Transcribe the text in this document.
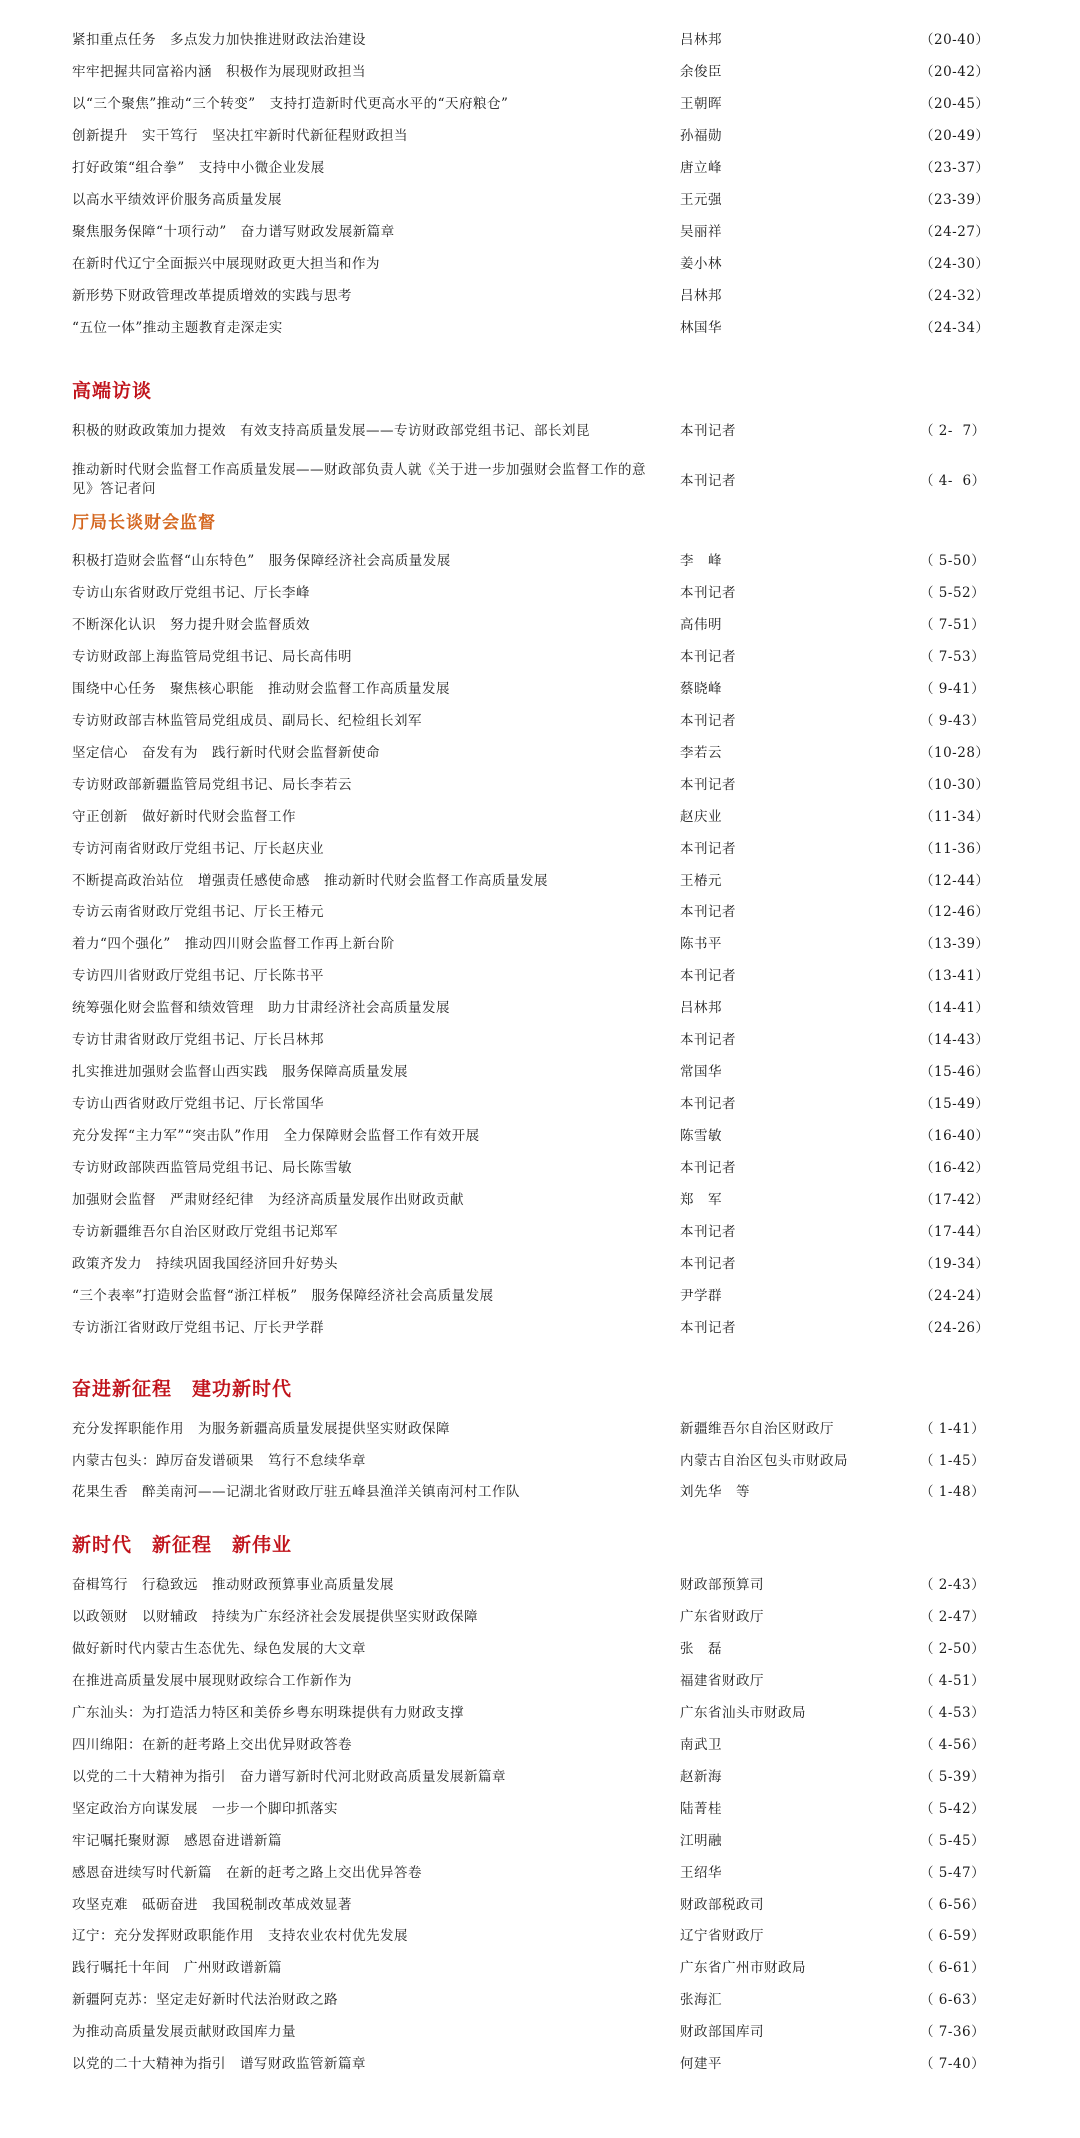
紧扣重点任务　多点发力加快推进财政法治建设	吕林邦	（20-40）
牢牢把握共同富裕内涵　积极作为展现财政担当	余俊臣	（20-42）
以“三个聚焦”推动“三个转变”　支持打造新时代更高水平的“天府粮仓”	王朝晖	（20-45）
创新提升　实干笃行　坚决扛牢新时代新征程财政担当	孙福勋	（20-49）
打好政策“组合拳”　支持中小微企业发展	唐立峰	（23-37）
以高水平绩效评价服务高质量发展	王元强	（23-39）
聚焦服务保障“十项行动”　奋力谱写财政发展新篇章	吴丽祥	（24-27）
在新时代辽宁全面振兴中展现财政更大担当和作为	姜小林	（24-30）
新形势下财政管理改革提质增效的实践与思考	吕林邦	（24-32）
“五位一体”推动主题教育走深走实	林国华	（24-34）
高端访谈
积极的财政政策加力提效　有效支持高质量发展——专访财政部党组书记、部长刘昆	本刊记者	（ 2-  7）
推动新时代财会监督工作高质量发展——财政部负责人就《关于进一步加强财会监督工作的意见》答记者问	本刊记者	（ 4-  6）
厅局长谈财会监督
积极打造财会监督“山东特色”　服务保障经济社会高质量发展	李　峰	（ 5-50）
专访山东省财政厅党组书记、厅长李峰	本刊记者	（ 5-52）
不断深化认识　努力提升财会监督质效	高伟明	（ 7-51）
专访财政部上海监管局党组书记、局长高伟明	本刊记者	（ 7-53）
围绕中心任务　聚焦核心职能　推动财会监督工作高质量发展	蔡晓峰	（ 9-41）
专访财政部吉林监管局党组成员、副局长、纪检组长刘军	本刊记者	（ 9-43）
坚定信心　奋发有为　践行新时代财会监督新使命	李若云	（10-28）
专访财政部新疆监管局党组书记、局长李若云	本刊记者	（10-30）
守正创新　做好新时代财会监督工作	赵庆业	（11-34）
专访河南省财政厅党组书记、厅长赵庆业	本刊记者	（11-36）
不断提高政治站位　增强责任感使命感　推动新时代财会监督工作高质量发展	王椿元	（12-44）
专访云南省财政厅党组书记、厅长王椿元	本刊记者	（12-46）
着力“四个强化”　推动四川财会监督工作再上新台阶	陈书平	（13-39）
专访四川省财政厅党组书记、厅长陈书平	本刊记者	（13-41）
统筹强化财会监督和绩效管理　助力甘肃经济社会高质量发展	吕林邦	（14-41）
专访甘肃省财政厅党组书记、厅长吕林邦	本刊记者	（14-43）
扎实推进加强财会监督山西实践　服务保障高质量发展	常国华	（15-46）
专访山西省财政厅党组书记、厅长常国华	本刊记者	（15-49）
充分发挥“主力军”“突击队”作用　全力保障财会监督工作有效开展	陈雪敏	（16-40）
专访财政部陕西监管局党组书记、局长陈雪敏	本刊记者	（16-42）
加强财会监督　严肃财经纪律　为经济高质量发展作出财政贡献	郑　军	（17-42）
专访新疆维吾尔自治区财政厅党组书记郑军	本刊记者	（17-44）
政策齐发力　持续巩固我国经济回升好势头	本刊记者	（19-34）
“三个表率”打造财会监督“浙江样板”　服务保障经济社会高质量发展	尹学群	（24-24）
专访浙江省财政厅党组书记、厅长尹学群	本刊记者	（24-26）
奋进新征程　建功新时代
充分发挥职能作用　为服务新疆高质量发展提供坚实财政保障	新疆维吾尔自治区财政厅	（ 1-41）
内蒙古包头：踔厉奋发谱硕果　笃行不怠续华章	内蒙古自治区包头市财政局	（ 1-45）
花果生香　醉美南河——记湖北省财政厅驻五峰县渔洋关镇南河村工作队	刘先华　等	（ 1-48）
新时代　新征程　新伟业
奋楫笃行　行稳致远　推动财政预算事业高质量发展	财政部预算司	（ 2-43）
以政领财　以财辅政　持续为广东经济社会发展提供坚实财政保障	广东省财政厅	（ 2-47）
做好新时代内蒙古生态优先、绿色发展的大文章	张　磊	（ 2-50）
在推进高质量发展中展现财政综合工作新作为	福建省财政厅	（ 4-51）
广东汕头：为打造活力特区和美侨乡粤东明珠提供有力财政支撑	广东省汕头市财政局	（ 4-53）
四川绵阳：在新的赶考路上交出优异财政答卷	南武卫	（ 4-56）
以党的二十大精神为指引　奋力谱写新时代河北财政高质量发展新篇章	赵新海	（ 5-39）
坚定政治方向谋发展　一步一个脚印抓落实	陆菁桂	（ 5-42）
牢记嘱托聚财源　感恩奋进谱新篇	江明融	（ 5-45）
感恩奋进续写时代新篇　在新的赶考之路上交出优异答卷	王绍华	（ 5-47）
攻坚克难　砥砺奋进　我国税制改革成效显著	财政部税政司	（ 6-56）
辽宁：充分发挥财政职能作用　支持农业农村优先发展	辽宁省财政厅	（ 6-59）
践行嘱托十年间　广州财政谱新篇	广东省广州市财政局	（ 6-61）
新疆阿克苏：坚定走好新时代法治财政之路	张海汇	（ 6-63）
为推动高质量发展贡献财政国库力量	财政部国库司	（ 7-36）
以党的二十大精神为指引　谱写财政监管新篇章	何建平	（ 7-40）
